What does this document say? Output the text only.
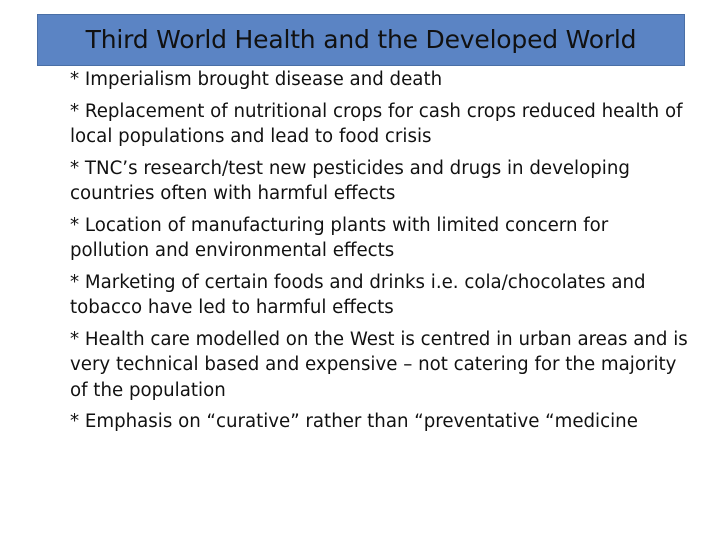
Third World Health and the Developed World
* Imperialism brought disease and death
* Replacement of nutritional crops for cash crops reduced health of local populations and lead to food crisis
* TNC’s research/test new pesticides and drugs in developing countries often with harmful effects
* Location of manufacturing plants with limited concern for pollution and environmental effects
* Marketing of certain foods and drinks i.e. cola/chocolates and tobacco have led to harmful effects
* Health care modelled on the West is centred in urban areas and is very technical based and expensive – not catering for the majority of the population
* Emphasis on “curative” rather than “preventative “medicine
